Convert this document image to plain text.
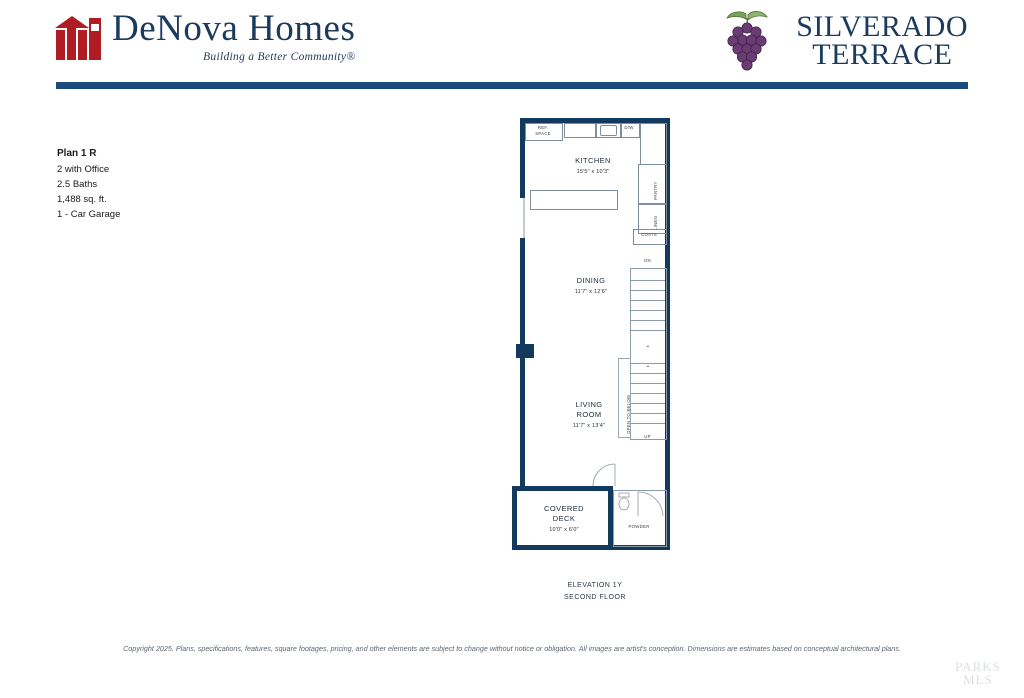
DeNova Homes
Building a Better Community®
SILVERADO
TERRACE
Plan 1 R
2 with Office
2.5 Baths
1,488 sq. ft.
1 - Car Garage
REF.
SPACE
D/W
KITCHEN
15'5" x 10'3"
PANTRY
LINEN
COATS
DINING
11'7" x 12'6"
DN
UP
⌄
⌃
OPEN TO BELOW
LIVING
ROOM
11'7" x 13'4"
COVERED
DECK
10'0" x 6'0"
POWDER
ELEVATION 1Y
SECOND FLOOR
Copyright 2025. Plans, specifications, features, square footages, pricing, and other elements are subject to change without notice or obligation. All images are artist's conception. Dimensions are estimates based on conceptual architectural plans.
PARKS
MLS
